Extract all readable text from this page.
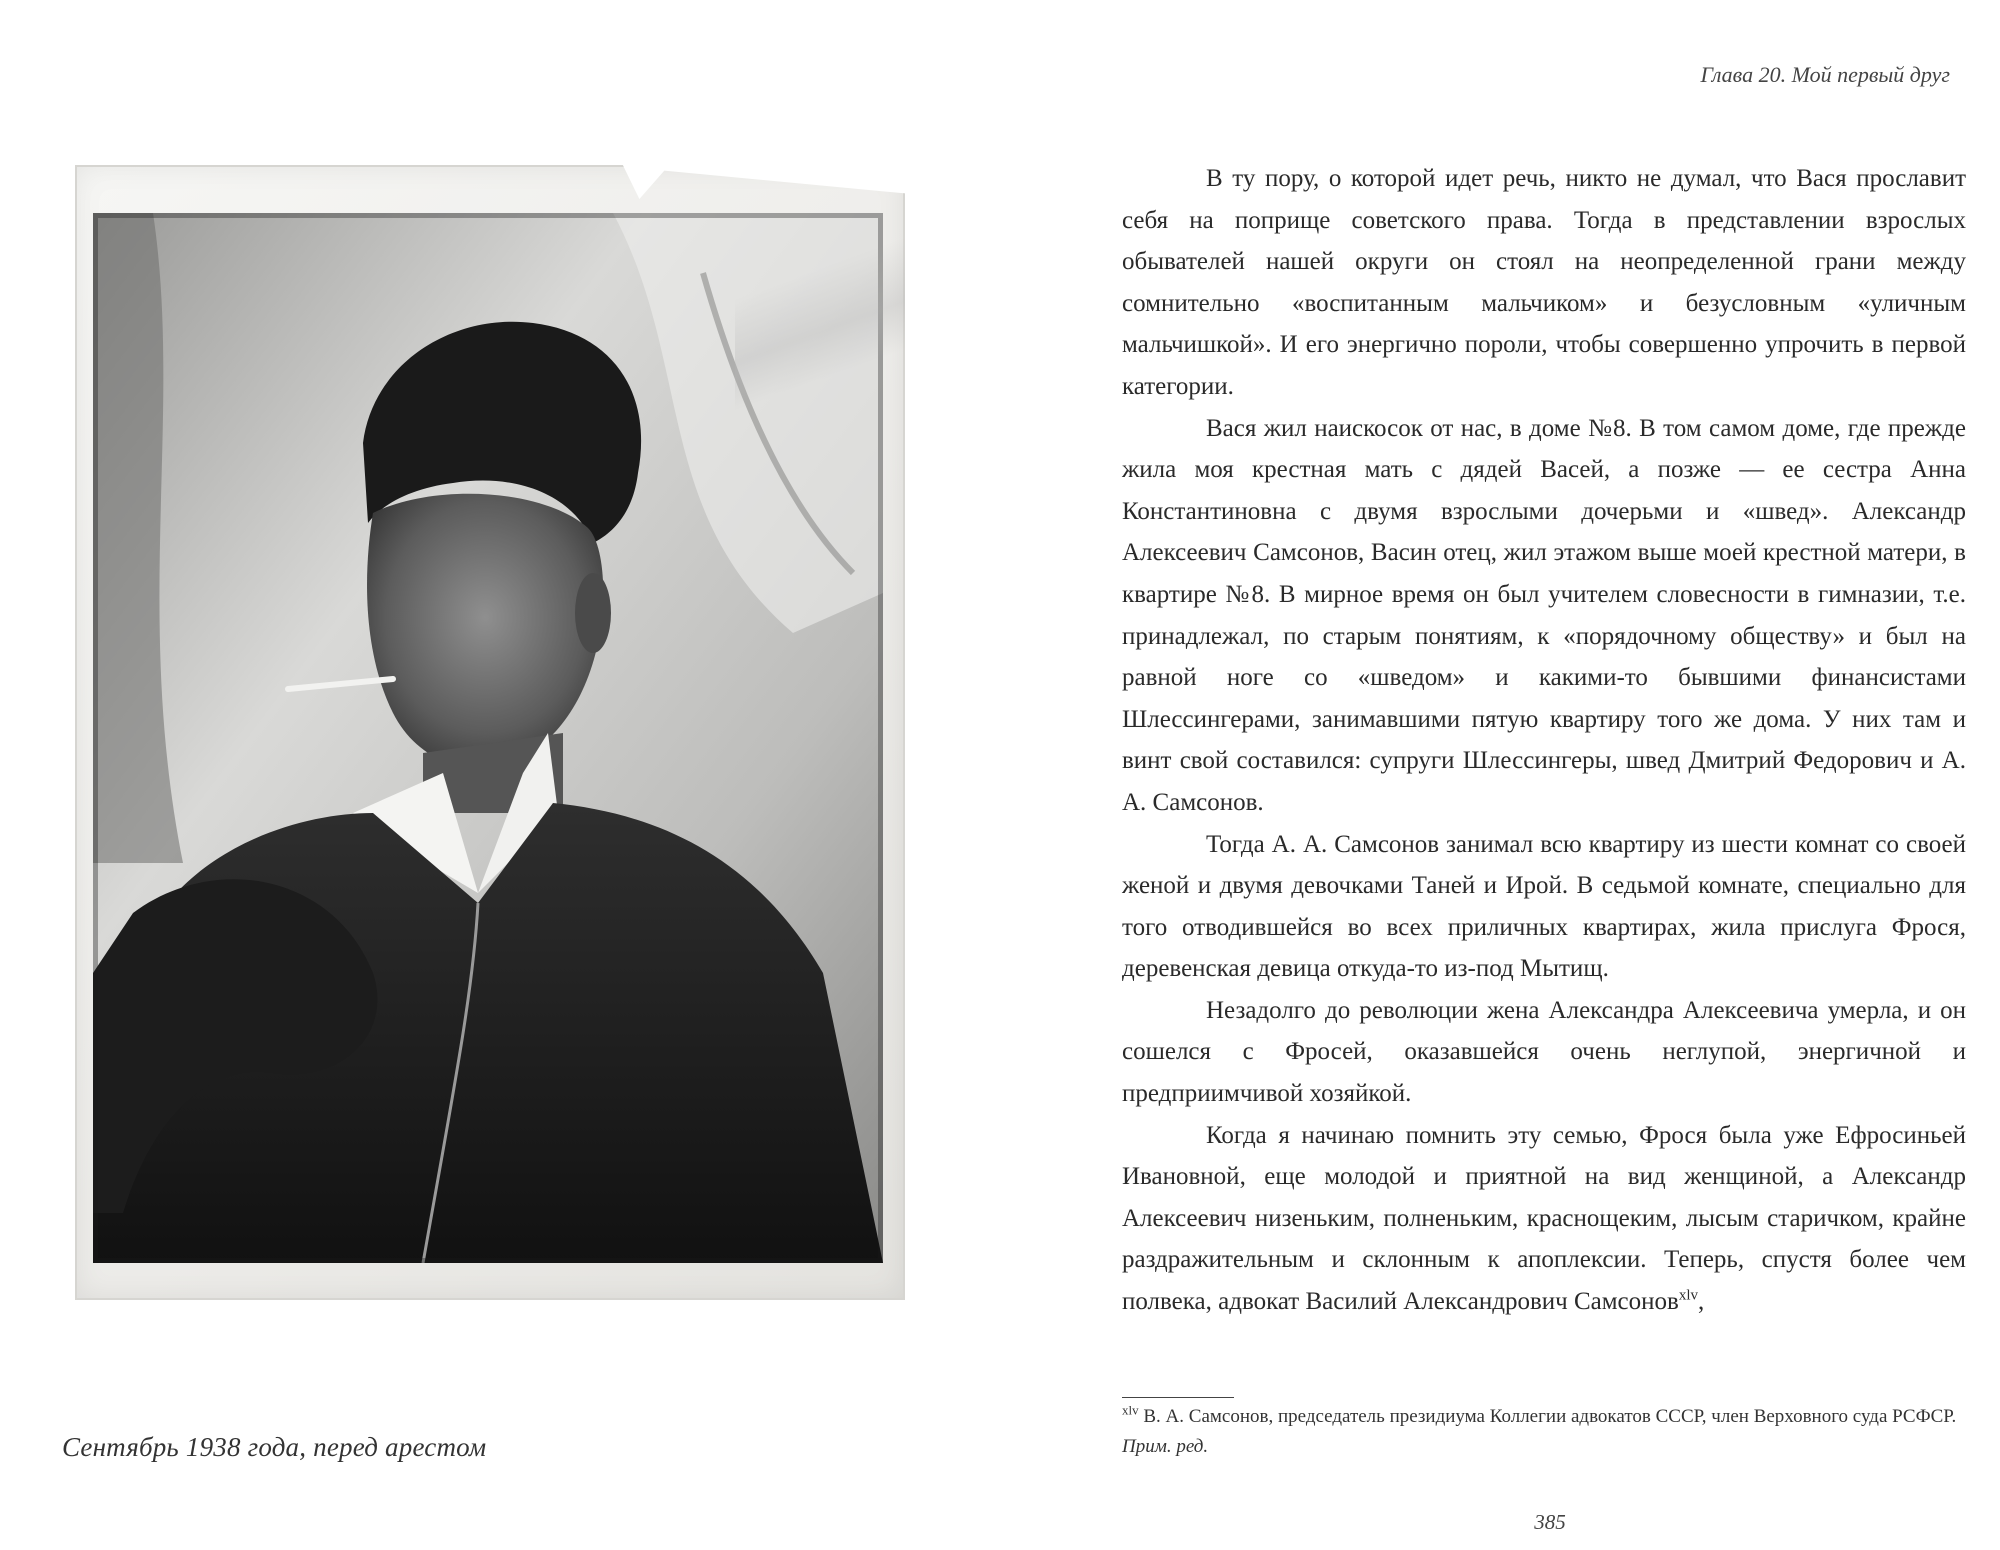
Сентябрь 1938 года, перед арестом

Глава 20. Мой первый друг

В ту пору, о которой идет речь, никто не думал, что Вася прославит себя на поприще советского права. Тогда в представлении взрослых обывателей нашей округи он стоял на неопределенной грани между сомнительно «воспитанным мальчиком» и безусловным «уличным мальчишкой». И его энергично пороли, чтобы совершенно упрочить в первой категории.

Вася жил наискосок от нас, в доме №8. В том самом доме, где прежде жила моя крестная мать с дядей Васей, а позже — ее сестра Анна Константиновна с двумя взрослыми дочерьми и «швед». Александр Алексеевич Самсонов, Васин отец, жил этажом выше моей крестной матери, в квартире №8. В мирное время он был учителем словесности в гимназии, т.е. принадлежал, по старым понятиям, к «порядочному обществу» и был на равной ноге со «шведом» и какими-то бывшими финансистами Шлессингерами, занимавшими пятую квартиру того же дома. У них там и винт свой составился: супруги Шлессингеры, швед Дмитрий Федорович и А. А. Самсонов.

Тогда А. А. Самсонов занимал всю квартиру из шести комнат со своей женой и двумя девочками Таней и Ирой. В седьмой комнате, специально для того отводившейся во всех приличных квартирах, жила прислуга Фрося, деревенская девица откуда-то из-под Мытищ.

Незадолго до революции жена Александра Алексеевича умерла, и он сошелся с Фросей, оказавшейся очень неглупой, энергичной и предприимчивой хозяйкой.

Когда я начинаю помнить эту семью, Фрося была уже Ефросиньей Ивановной, еще молодой и приятной на вид женщиной, а Александр Алексеевич низеньким, полненьким, краснощеким, лысым старичком, крайне раздражительным и склонным к апоплексии. Теперь, спустя более чем полвека, адвокат Василий Александрович Самсонов$^{xlv}$,

$^{xlv}$ В. А. Самсонов, председатель президиума Коллегии адвокатов СССР, член Верховного суда РСФСР. Прим. ред.

385
